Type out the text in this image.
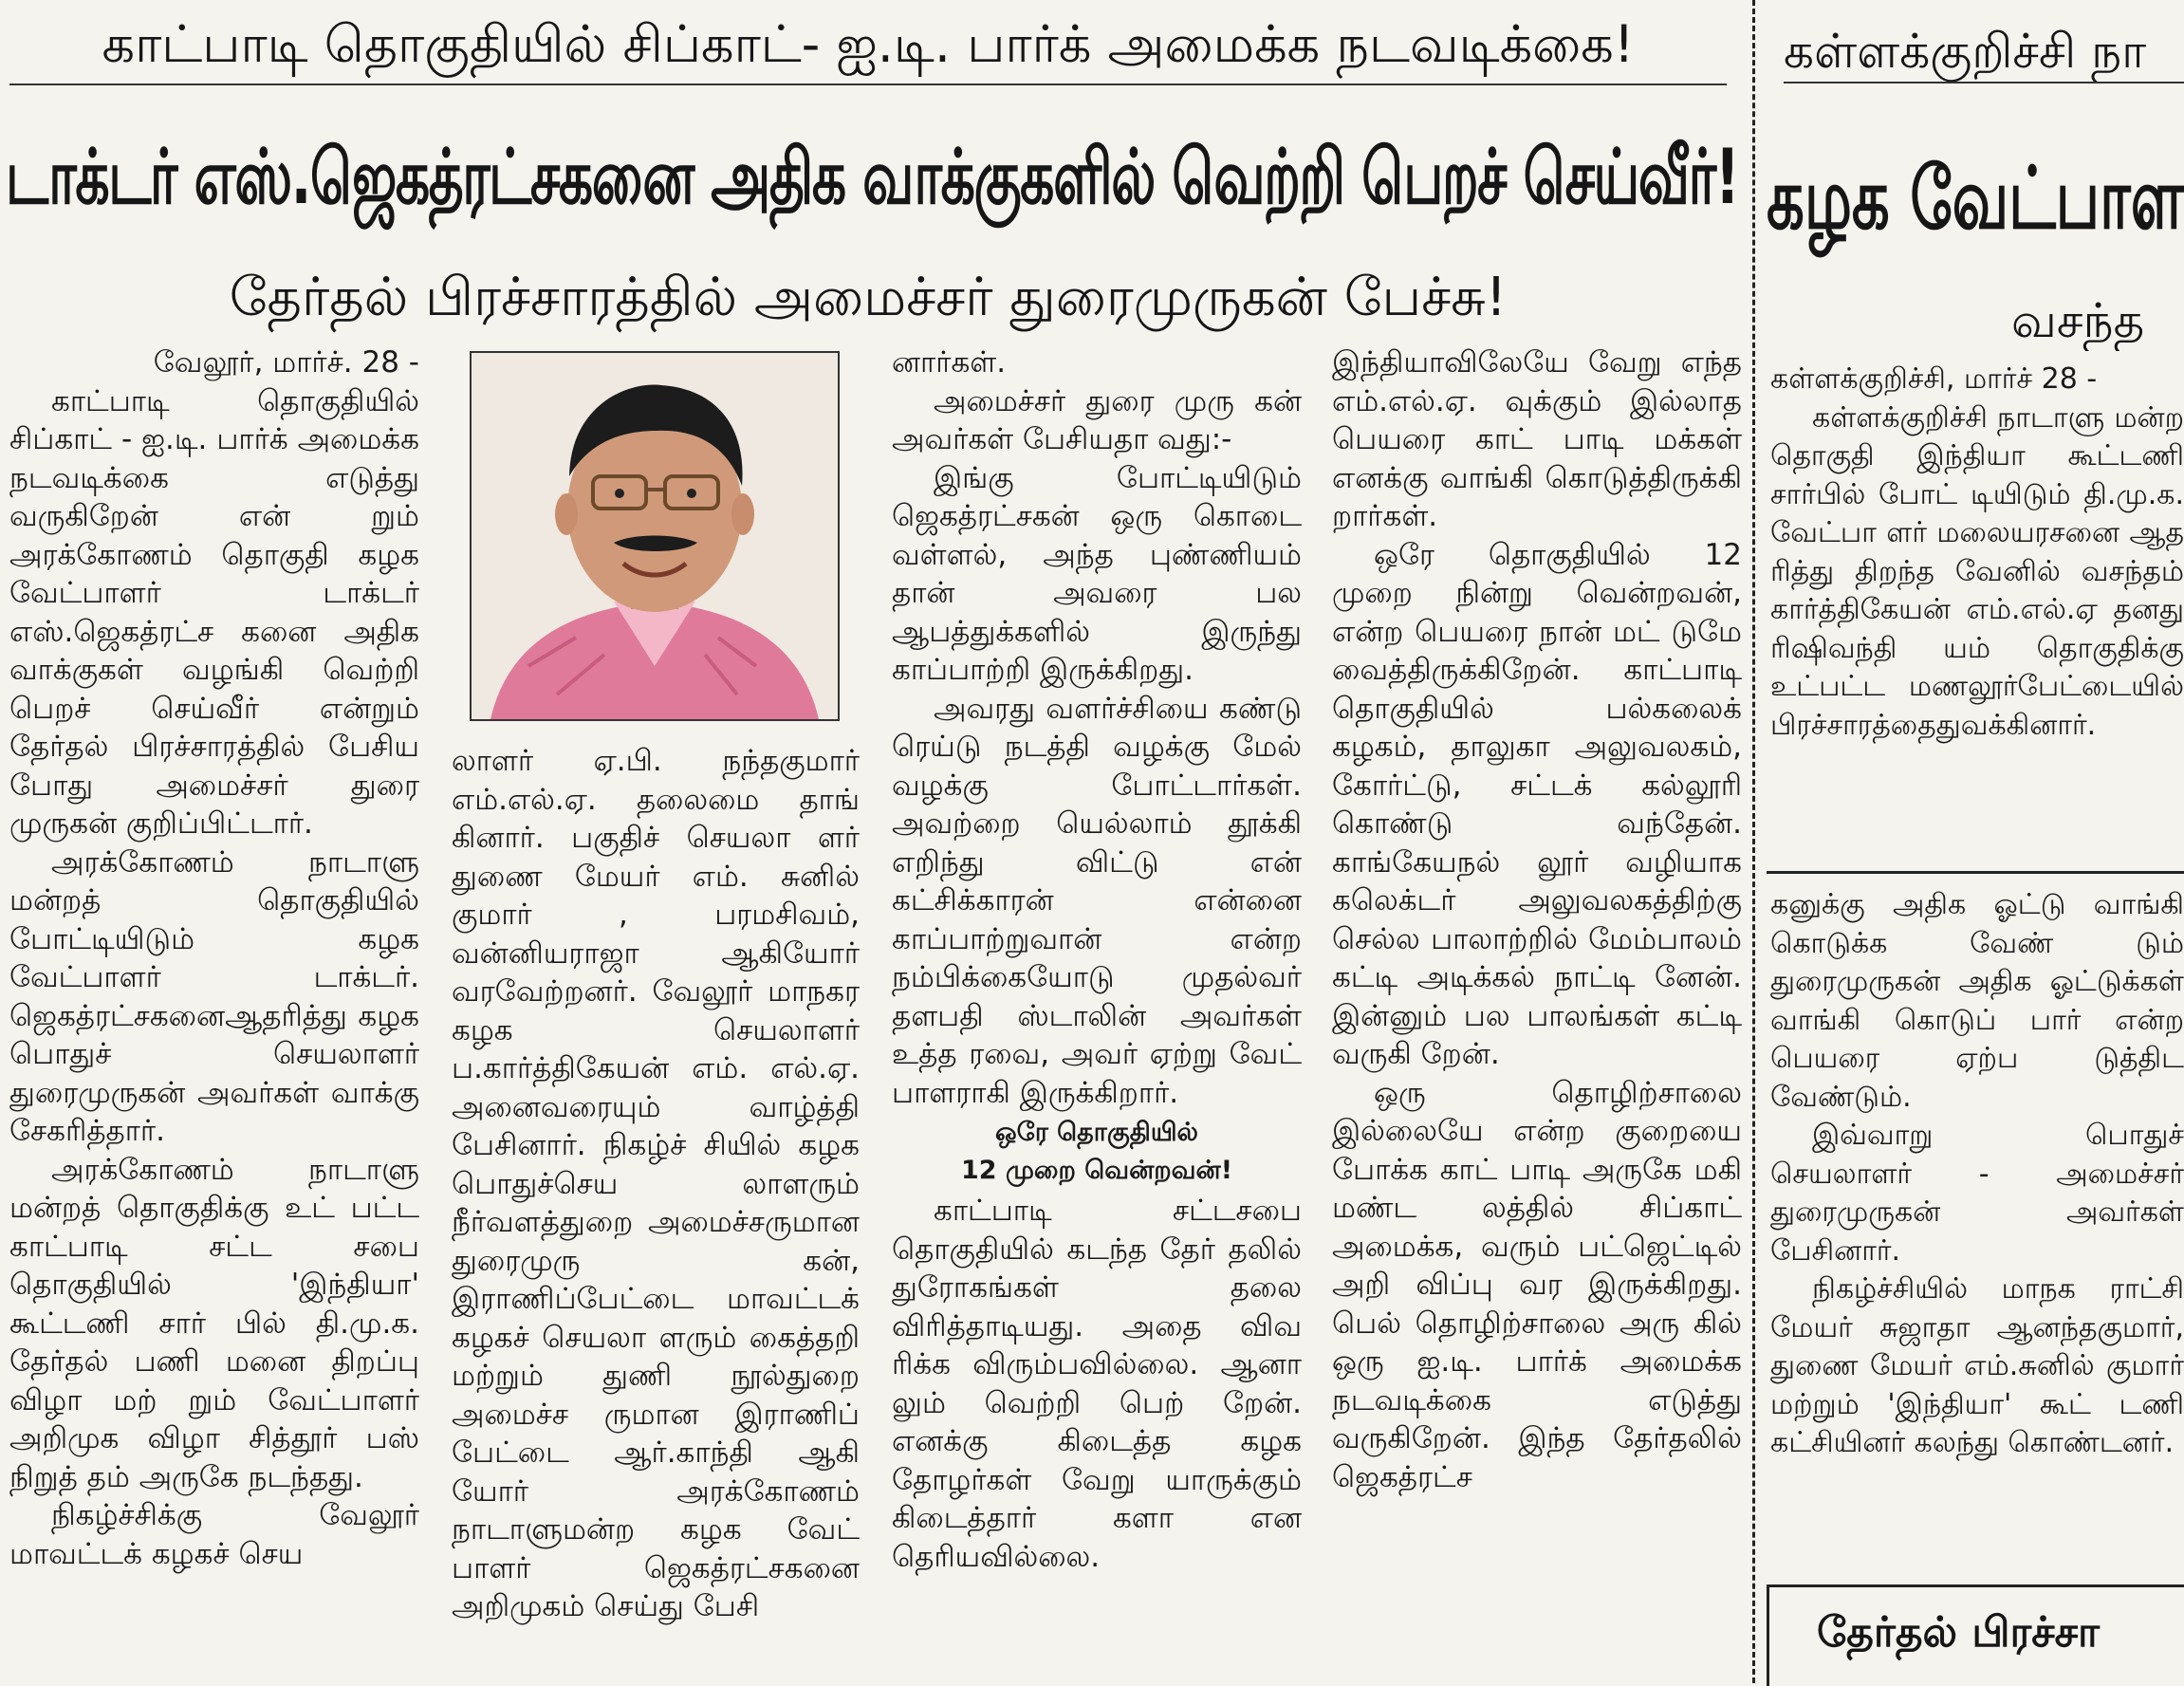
காட்பாடி தொகுதியில் சிப்காட்- ஐ.டி. பார்க் அமைக்க நடவடிக்கை!
டாக்டர் எஸ்.ஜெகத்ரட்சகனை அதிக வாக்குகளில் வெற்றி பெறச் செய்வீர்!
தேர்தல் பிரச்சாரத்தில் அமைச்சர் துரைமுருகன் பேச்சு!

வேலூர், மார்ச். 28 -

காட்பாடி தொகுதியில் சிப்காட் - ஐ.டி. பார்க் அமைக்க நடவடிக்கை எடுத்து வருகிறேன் என் றும் அரக்கோணம் தொகுதி கழக வேட்பாளர் டாக்டர் எஸ்.ஜெகத்ரட்ச கனை அதிக வாக்குகள் வழங்கி வெற்றி பெறச் செய்வீர் என்றும் தேர்தல் பிரச்சாரத்தில் பேசிய போது அமைச்சர் துரை முருகன் குறிப்பிட்டார்.

அரக்கோணம் நாடாளு மன்றத் தொகுதியில் போட்டியிடும் கழக வேட்பாளர் டாக்டர். ஜெகத்ரட்சகனைஆதரித்து கழக பொதுச் செயலாளர் துரைமுருகன் அவர்கள் வாக்கு சேகரித்தார்.

அரக்கோணம் நாடாளு மன்றத் தொகுதிக்கு உட் பட்ட காட்பாடி சட்ட சபை தொகுதியில் 'இந்தியா' கூட்டணி சார் பில் தி.மு.க. தேர்தல் பணி மனை திறப்பு விழா மற் றும் வேட்பாளர் அறிமுக விழா சித்தூர் பஸ் நிறுத் தம் அருகே நடந்தது.

நிகழ்ச்சிக்கு வேலூர் மாவட்டக் கழகச் செய

லாளர் ஏ.பி. நந்தகுமார் எம்.எல்.ஏ. தலைமை தாங் கினார். பகுதிச் செயலா ளர் துணை மேயர் எம். சுனில் குமார் , பரமசிவம், வன்னியராஜா ஆகியோர் வரவேற்றனர். வேலூர் மாநகர கழக செயலாளர் ப.கார்த்திகேயன் எம். எல்.ஏ. அனைவரையும் வாழ்த்தி பேசினார். நிகழ்ச் சியில் கழக பொதுச்செய லாளரும் நீர்வளத்துறை அமைச்சருமான துரைமுரு கன், இராணிப்பேட்டை மாவட்டக் கழகச் செயலா ளரும் கைத்தறி மற்றும் துணி நூல்துறை அமைச்ச ருமான இராணிப் பேட்டை ஆர்.காந்தி ஆகி யோர் அரக்கோணம் நாடாளுமன்ற கழக வேட் பாளர் ஜெகத்ரட்சகனை அறிமுகம் செய்து பேசி

னார்கள்.

அமைச்சர் துரை முரு கன் அவர்கள் பேசியதா வது:-

இங்கு போட்டியிடும் ஜெகத்ரட்சகன் ஒரு கொடை வள்ளல், அந்த புண்ணியம் தான் அவரை பல ஆபத்துக்களில் இருந்து காப்பாற்றி இருக்கிறது.

அவரது வளர்ச்சியை கண்டு ரெய்டு நடத்தி வழக்கு மேல் வழக்கு போட்டார்கள். அவற்றை யெல்லாம் தூக்கி எறிந்து விட்டு என் கட்சிக்காரன் என்னை காப்பாற்றுவான் என்ற நம்பிக்கையோடு முதல்வர் தளபதி ஸ்டாலின் அவர்கள் உத்த ரவை, அவர் ஏற்று வேட் பாளராகி இருக்கிறார்.

ஒரே தொகுதியில்

12 முறை வென்றவன்!

காட்பாடி சட்டசபை தொகுதியில் கடந்த தேர் தலில் துரோகங்கள் தலை விரித்தாடியது. அதை விவ ரிக்க விரும்பவில்லை. ஆனா லும் வெற்றி பெற் றேன். எனக்கு கிடைத்த கழக தோழர்கள் வேறு யாருக்கும் கிடைத்தார் களா என தெரியவில்லை.

இந்தியாவிலேயே வேறு எந்த எம்.எல்.ஏ. வுக்கும் இல்லாத பெயரை காட் பாடி மக்கள் எனக்கு வாங்கி கொடுத்திருக்கி றார்கள்.

ஒரே தொகுதியில் 12 முறை நின்று வென்றவன், என்ற பெயரை நான் மட் டுமே வைத்திருக்கிறேன். காட்பாடி தொகுதியில் பல்கலைக் கழகம், தாலுகா அலுவலகம், கோர்ட்டு, சட்டக் கல்லூரி கொண்டு வந்தேன். காங்கேயநல் லூர் வழியாக கலெக்டர் அலுவலகத்திற்கு செல்ல பாலாற்றில் மேம்பாலம் கட்டி அடிக்கல் நாட்டி னேன். இன்னும் பல பாலங்கள் கட்டி வருகி றேன்.

ஒரு தொழிற்சாலை இல்லையே என்ற குறையை போக்க காட் பாடி அருகே மகி மண்ட லத்தில் சிப்காட் அமைக்க, வரும் பட்ஜெட்டில் அறி விப்பு வர இருக்கிறது. பெல் தொழிற்சாலை அரு கில் ஒரு ஐ.டி. பார்க் அமைக்க நடவடிக்கை எடுத்து வருகிறேன். இந்த தேர்தலில் ஜெகத்ரட்ச

கள்ளக்குறிச்சி நா
கழக வேட்பாள
வசந்த

கள்ளக்குறிச்சி, மார்ச் 28 -

கள்ளக்குறிச்சி நாடாளு மன்ற தொகுதி இந்தியா கூட்டணி சார்பில் போட் டியிடும் தி.மு.க. வேட்பா ளர் மலையரசனை ஆத ரித்து திறந்த வேனில் வசந்தம் கார்த்திகேயன் எம்.எல்.ஏ தனது ரிஷிவந்தி யம் தொகுதிக்கு உட்பட்ட மணலூர்பேட்டையில் பிரச்சாரத்தைதுவக்கினார்.

கனுக்கு அதிக ஓட்டு வாங்கி கொடுக்க வேண் டும் துரைமுருகன் அதிக ஓட்டுக்கள் வாங்கி கொடுப் பார் என்ற பெயரை ஏற்ப டுத்திட வேண்டும்.

இவ்வாறு பொதுச் செயலாளர் - அமைச்சர் துரைமுருகன் அவர்கள் பேசினார்.

நிகழ்ச்சியில் மாநக ராட்சி மேயர் சுஜாதா ஆனந்தகுமார், துணை மேயர் எம்.சுனில் குமார் மற்றும் 'இந்தியா' கூட் டணி கட்சியினர் கலந்து கொண்டனர்.

தேர்தல் பிரச்சா
